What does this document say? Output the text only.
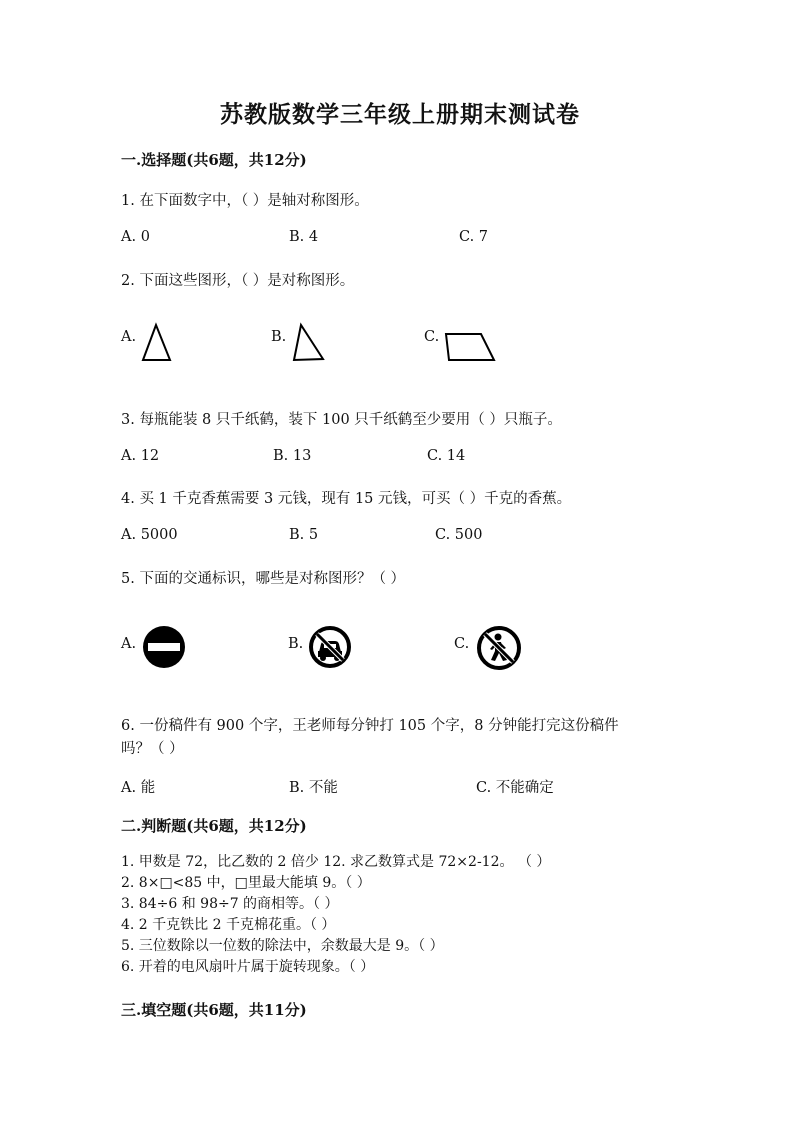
苏教版数学三年级上册期末测试卷
一.选择题(共6题，共12分)
1. 在下面数字中，（ ）是轴对称图形。
A. 0	B. 4	C. 7
2. 下面这些图形，（ ）是对称图形。
A.	B.	C.
3. 每瓶能装 8 只千纸鹤，装下 100 只千纸鹤至少要用（ ）只瓶子。
A. 12	B. 13	C. 14
4. 买 1 千克香蕉需要 3 元钱，现有 15 元钱，可买（ ）千克的香蕉。
A. 5000	B. 5	C. 500
5. 下面的交通标识，哪些是对称图形？（ ）
A.	B.	C.
6. 一份稿件有 900 个字，王老师每分钟打 105 个字，8 分钟能打完这份稿件
吗？（ ）
A. 能	B. 不能	C. 不能确定
二.判断题(共6题，共12分)
1. 甲数是 72，比乙数的 2 倍少 12. 求乙数算式是 72×2-12。 （ ）
2. 8×□<85 中，□里最大能填 9。（ ）
3. 84÷6 和 98÷7 的商相等。（ ）
4. 2 千克铁比 2 千克棉花重。（ ）
5. 三位数除以一位数的除法中，余数最大是 9。（ ）
6. 开着的电风扇叶片属于旋转现象。（ ）
三.填空题(共6题，共11分)
